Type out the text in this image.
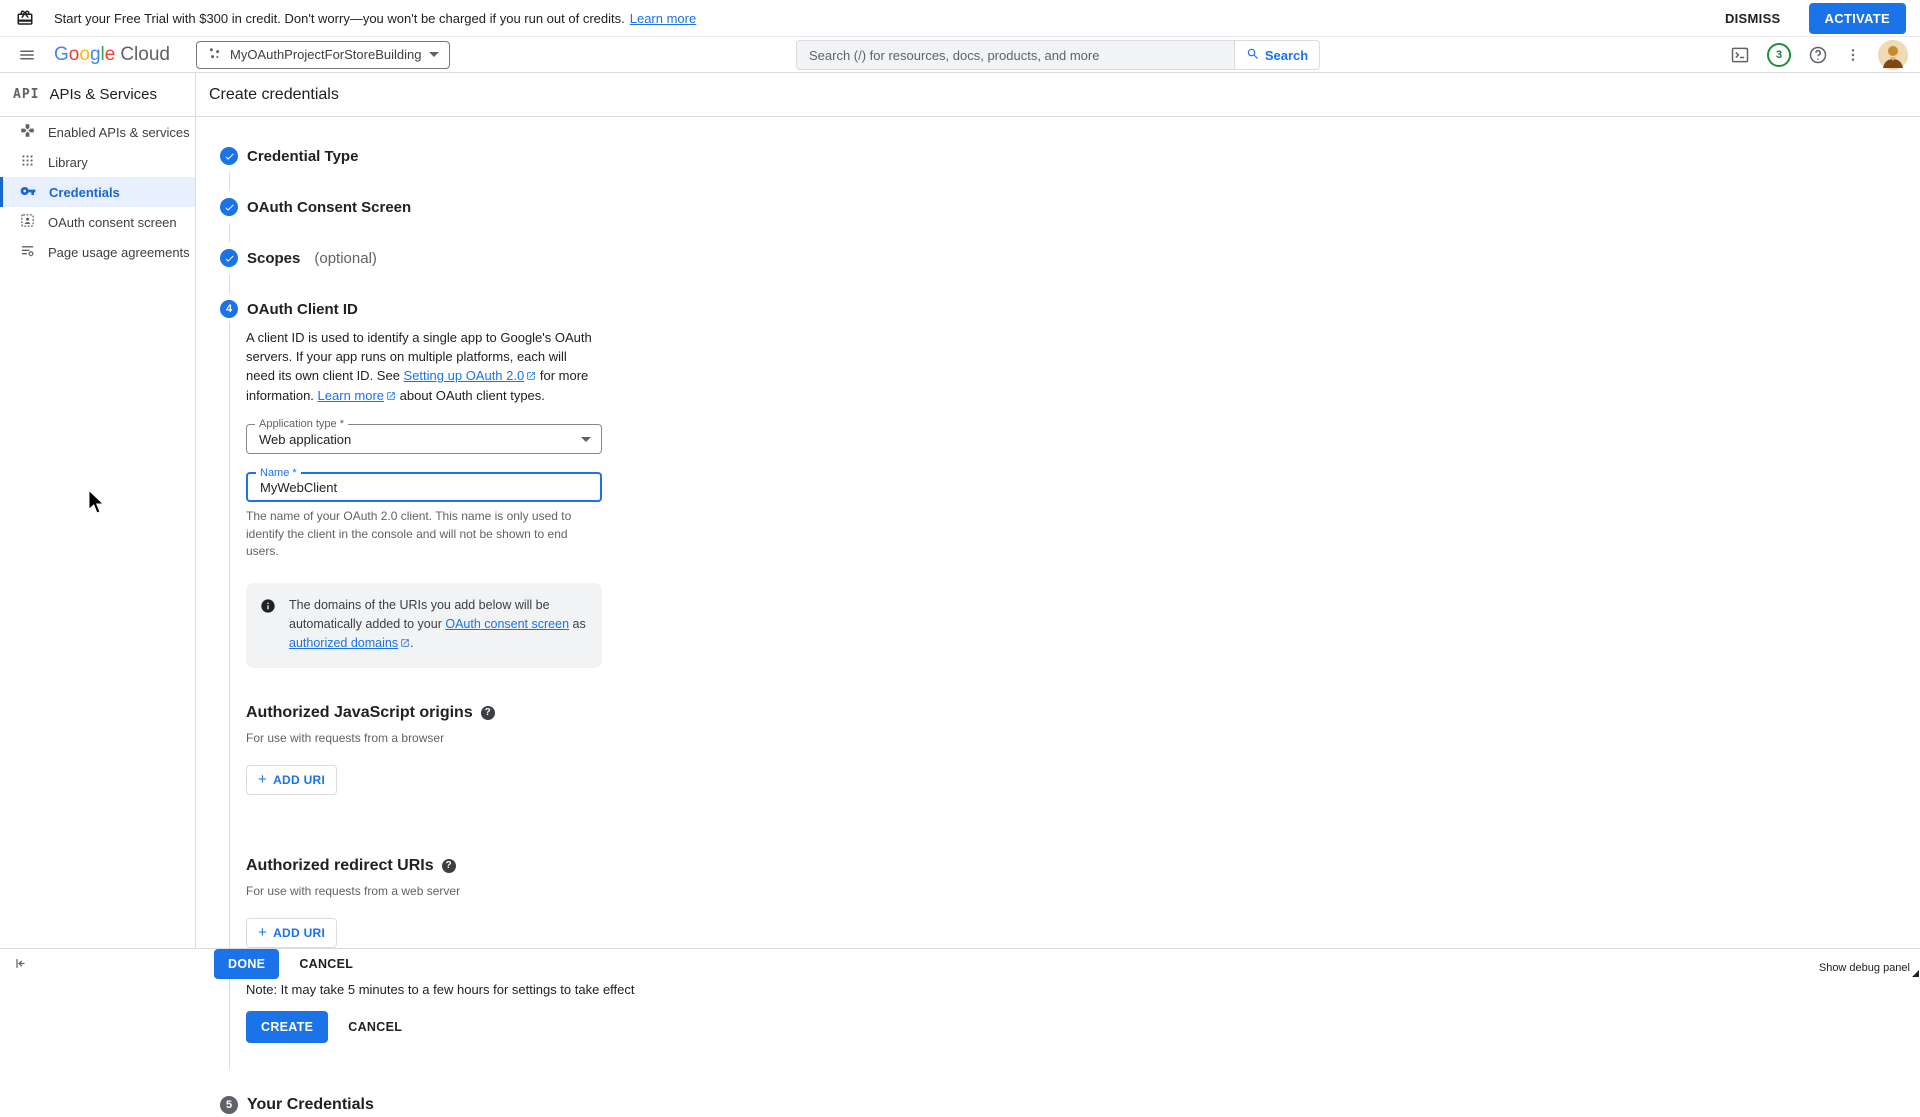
Start your Free Trial with $300 in credit. Don't worry—you won't be charged if you run out of credits. Learn more	DISMISS	ACTIVATE
G o o g l e Cloud	MyOAuthProjectForStoreBuilding
Search (/) for resources, docs, products, and more	Search	3
API APIs & Services
Enabled APIs & services
Library
Credentials
OAuth consent screen
Page usage agreements
Create credentials
Credential Type
OAuth Consent Screen
Scopes (optional)
4 OAuth Client ID

A client ID is used to identify a single app to Google's OAuth servers. If your app runs on multiple platforms, each will need its own client ID. See Setting up OAuth 2.0 for more information. Learn more about OAuth client types.

Application type *
Web application
Name *
MyWebClient

The name of your OAuth 2.0 client. This name is only used to identify the client in the console and will not be shown to end users.

The domains of the URIs you add below will be automatically added to your OAuth consent screen as authorized domains .
Authorized JavaScript origins	?

For use with requests from a browser

+ ADD URI
Authorized redirect URIs	?

For use with requests from a web server

+ ADD URI

Note: It may take 5 minutes to a few hours for settings to take effect

CREATE	CANCEL
5 Your Credentials
DONE	CANCEL	Show debug panel
